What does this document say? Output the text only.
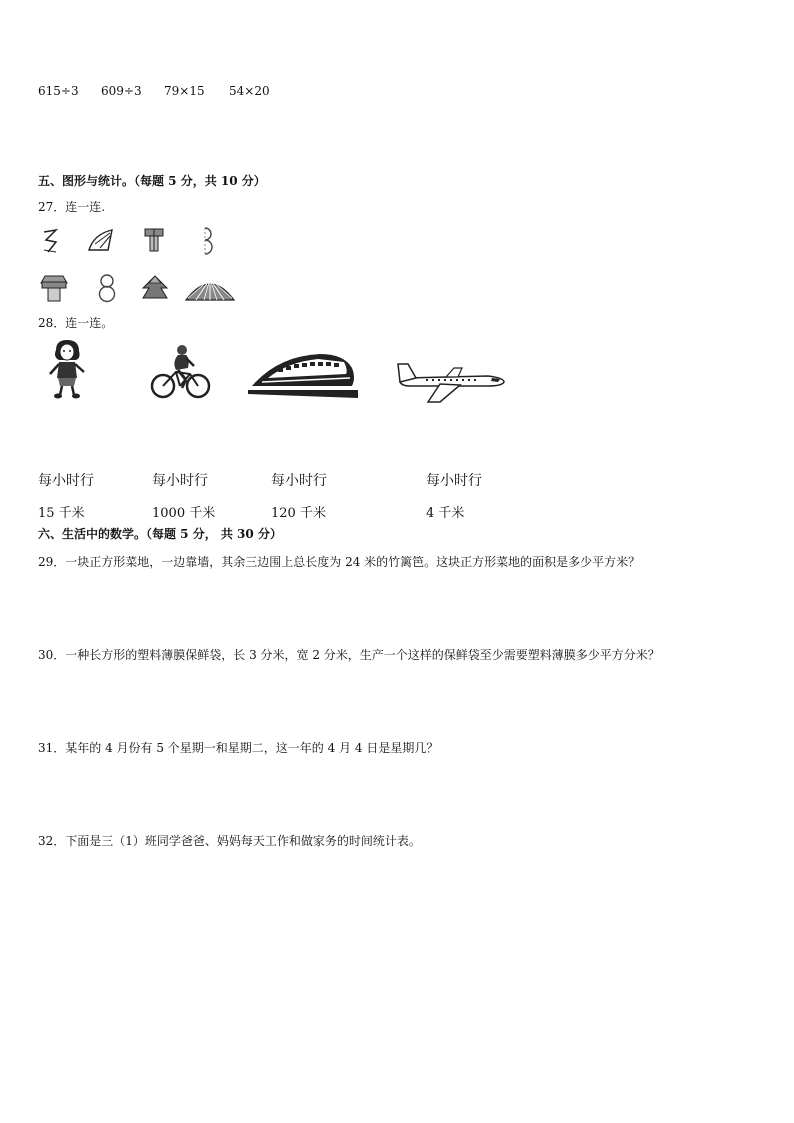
615÷3 609÷3 79×15 54×20
五、图形与统计。（每题 5 分，共 10 分）
27．连一连.
28．连一连。
每小时行	每小时行	每小时行	每小时行
15 千米	1000 千米	120 千米	4 千米
六、生活中的数学。（每题 5 分， 共 30 分）
29．一块正方形菜地，一边靠墙，其余三边围上总长度为 24 米的竹篱笆。这块正方形菜地的面积是多少平方米？
30．一种长方形的塑料薄膜保鲜袋，长 3 分米，宽 2 分米，生产一个这样的保鲜袋至少需要塑料薄膜多少平方分米？
31．某年的 4 月份有 5 个星期一和星期二，这一年的 4 月 4 日是星期几？
32．下面是三（1）班同学爸爸、妈妈每天工作和做家务的时间统计表。
